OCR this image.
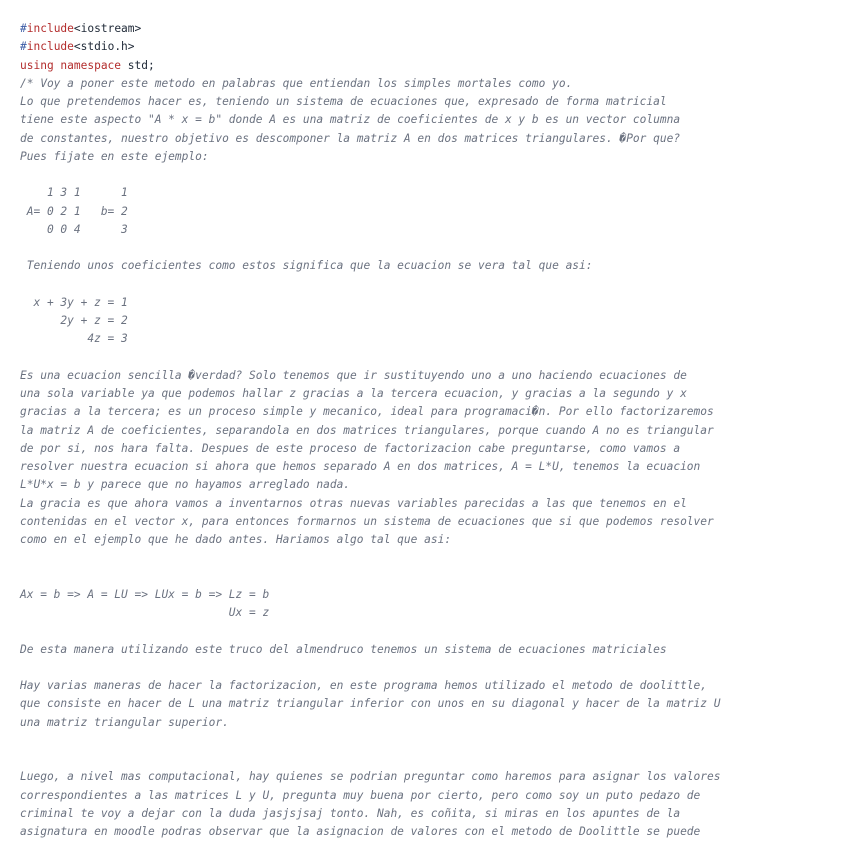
#include<iostream>
#include<stdio.h>
using namespace std;
/* Voy a poner este metodo en palabras que entiendan los simples mortales como yo.
Lo que pretendemos hacer es, teniendo un sistema de ecuaciones que, expresado de forma matricial
tiene este aspecto "A * x = b" donde A es una matriz de coeficientes de x y b es un vector columna
de constantes, nuestro objetivo es descomponer la matriz A en dos matrices triangulares. �Por que?
Pues fijate en este ejemplo:
1 3 1      1
A= 0 2 1   b= 2
0 0 4      3
Teniendo unos coeficientes como estos significa que la ecuacion se vera tal que asi:
x + 3y + z = 1
2y + z = 2
4z = 3
Es una ecuacion sencilla �verdad? Solo tenemos que ir sustituyendo uno a uno haciendo ecuaciones de
una sola variable ya que podemos hallar z gracias a la tercera ecuacion, y gracias a la segundo y x
gracias a la tercera; es un proceso simple y mecanico, ideal para programaci�n. Por ello factorizaremos
la matriz A de coeficientes, separandola en dos matrices triangulares, porque cuando A no es triangular
de por si, nos hara falta. Despues de este proceso de factorizacion cabe preguntarse, como vamos a
resolver nuestra ecuacion si ahora que hemos separado A en dos matrices, A = L*U, tenemos la ecuacion
L*U*x = b y parece que no hayamos arreglado nada.
La gracia es que ahora vamos a inventarnos otras nuevas variables parecidas a las que tenemos en el
contenidas en el vector x, para entonces formarnos un sistema de ecuaciones que si que podemos resolver
como en el ejemplo que he dado antes. Hariamos algo tal que asi:
Ax = b => A = LU => LUx = b => Lz = b
Ux = z
De esta manera utilizando este truco del almendruco tenemos un sistema de ecuaciones matriciales
Hay varias maneras de hacer la factorizacion, en este programa hemos utilizado el metodo de doolittle,
que consiste en hacer de L una matriz triangular inferior con unos en su diagonal y hacer de la matriz U
una matriz triangular superior.
Luego, a nivel mas computacional, hay quienes se podrian preguntar como haremos para asignar los valores
correspondientes a las matrices L y U, pregunta muy buena por cierto, pero como soy un puto pedazo de
criminal te voy a dejar con la duda jasjsjsaj tonto. Nah, es coñita, si miras en los apuntes de la
asignatura en moodle podras observar que la asignacion de valores con el metodo de Doolittle se puede
